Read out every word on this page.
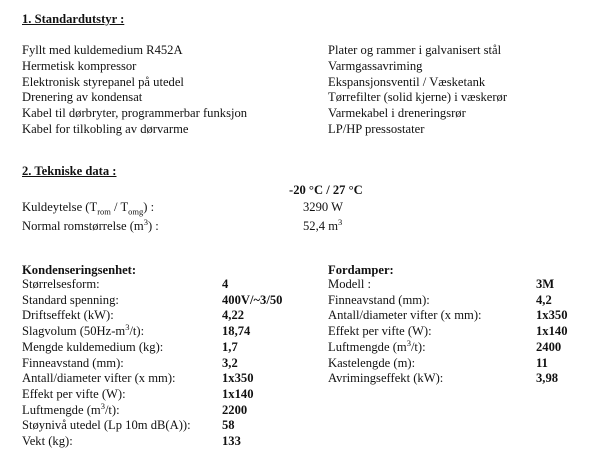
1. Standardutstyr :
Fyllt med kuldemedium R452A
Hermetisk kompressor
Elektronisk styrepanel på utedel
Drenering av kondensat
Kabel til dørbryter, programmerbar funksjon
Kabel for tilkobling av dørvarme
Plater og rammer i galvanisert stål
Varmgassavriming
Ekspansjonsventil / Væsketank
Tørrefilter (solid kjerne) i væskerør
Varmekabel i dreneringsrør
LP/HP pressostater
2. Tekniske data :
-20 °C / 27 °C
Kuldeytelse $(T_{rom} / T_{omg})$ :	3290 W
Normal romstørrelse $(m^3)$ :	52,4 $m^3$
Kondenseringsenhet:
Størrelsesform:	4
Standard spenning:	400V/~3/50
Driftseffekt (kW):	4,22
Slagvolum $(50Hz-m^3/t)$:	18,74
Mengde kuldemedium (kg):	1,7
Finneavstand (mm):	3,2
Antall/diameter vifter (x mm):	1x350
Effekt per vifte (W):	1x140
Luftmengde $(m^3/t)$:	2200
Støynivå utedel (Lp 10m dB(A)): 58
Vekt (kg):	133
Fordamper:
Modell :	3M
Finneavstand (mm):	4,2
Antall/diameter vifter (x mm):	1x350
Effekt per vifte (W):	1x140
Luftmengde $(m^3/t)$:	2400
Kastelengde (m):	11
Avrimingseffekt (kW):	3,98
